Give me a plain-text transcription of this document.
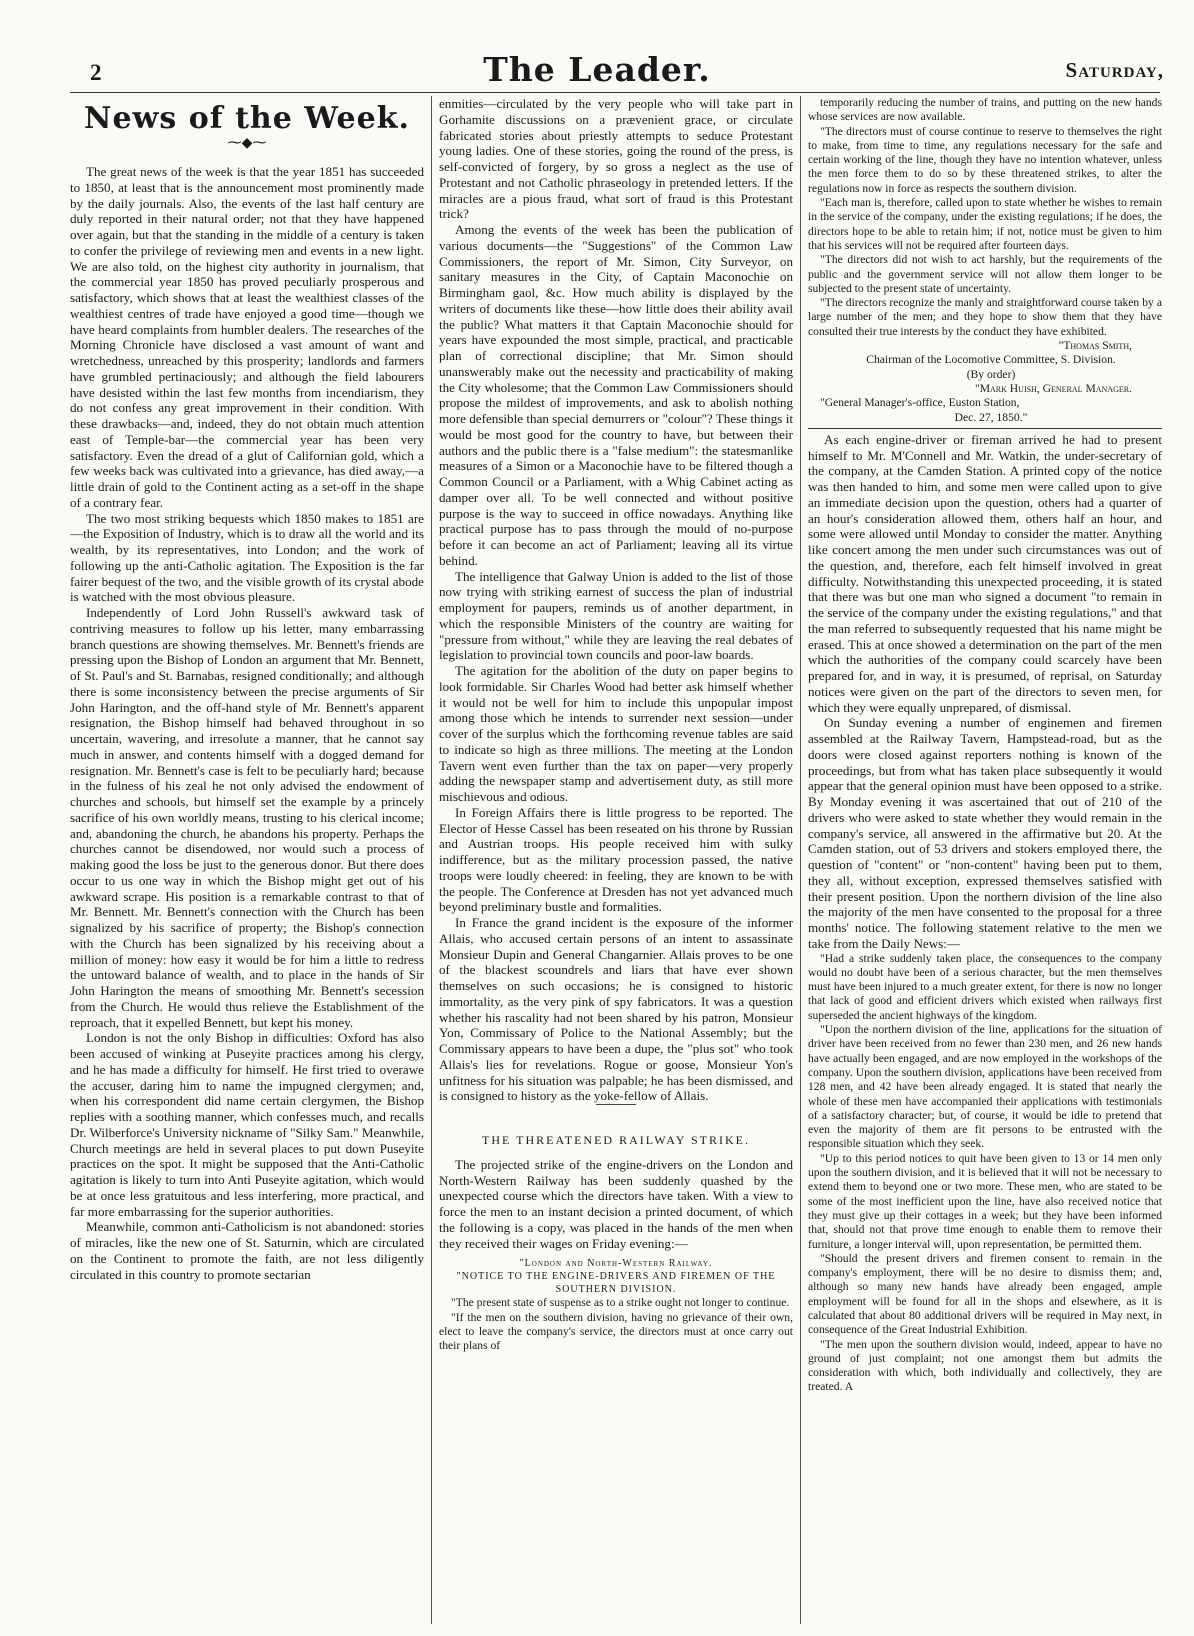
2	The Leader.	Saturday,
News of the Week.
⁓◆⁓

The great news of the week is that the year 1851 has succeeded to 1850, at least that is the announcement most prominently made by the daily journals. Also, the events of the last half century are duly reported in their natural order; not that they have happened over again, but that the standing in the middle of a century is taken to confer the privilege of reviewing men and events in a new light. We are also told, on the highest city authority in journalism, that the commercial year 1850 has proved peculiarly prosperous and satisfactory, which shows that at least the wealthiest classes of the wealthiest centres of trade have enjoyed a good time—though we have heard complaints from humbler dealers. The researches of the Morning Chronicle have disclosed a vast amount of want and wretchedness, unreached by this prosperity; landlords and farmers have grumbled pertinaciously; and although the field labourers have desisted within the last few months from incendiarism, they do not confess any great improvement in their condition. With these drawbacks—and, indeed, they do not obtain much attention east of Temple-bar—the commercial year has been very satisfactory. Even the dread of a glut of Californian gold, which a few weeks back was cultivated into a grievance, has died away,—a little drain of gold to the Continent acting as a set-off in the shape of a contrary fear.

The two most striking bequests which 1850 makes to 1851 are—the Exposition of Industry, which is to draw all the world and its wealth, by its representatives, into London; and the work of following up the anti-Catholic agitation. The Exposition is the far fairer bequest of the two, and the visible growth of its crystal abode is watched with the most obvious pleasure.

Independently of Lord John Russell's awkward task of contriving measures to follow up his letter, many embarrassing branch questions are showing themselves. Mr. Bennett's friends are pressing upon the Bishop of London an argument that Mr. Bennett, of St. Paul's and St. Barnabas, resigned conditionally; and although there is some inconsistency between the precise arguments of Sir John Harington, and the off-hand style of Mr. Bennett's apparent resignation, the Bishop himself had behaved throughout in so uncertain, wavering, and irresolute a manner, that he cannot say much in answer, and contents himself with a dogged demand for resignation. Mr. Bennett's case is felt to be peculiarly hard; because in the fulness of his zeal he not only advised the endowment of churches and schools, but himself set the example by a princely sacrifice of his own worldly means, trusting to his clerical income; and, abandoning the church, he abandons his property. Perhaps the churches cannot be disendowed, nor would such a process of making good the loss be just to the generous donor. But there does occur to us one way in which the Bishop might get out of his awkward scrape. His position is a remarkable contrast to that of Mr. Bennett. Mr. Bennett's connection with the Church has been signalized by his sacrifice of property; the Bishop's connection with the Church has been signalized by his receiving about a million of money: how easy it would be for him a little to redress the untoward balance of wealth, and to place in the hands of Sir John Harington the means of smoothing Mr. Bennett's secession from the Church. He would thus relieve the Establishment of the reproach, that it expelled Bennett, but kept his money.

London is not the only Bishop in difficulties: Oxford has also been accused of winking at Puseyite practices among his clergy, and he has made a difficulty for himself. He first tried to overawe the accuser, daring him to name the impugned clergymen; and, when his correspondent did name certain clergymen, the Bishop replies with a soothing manner, which confesses much, and recalls Dr. Wilberforce's University nickname of "Silky Sam." Meanwhile, Church meetings are held in several places to put down Puseyite practices on the spot. It might be supposed that the Anti-Catholic agitation is likely to turn into Anti Puseyite agitation, which would be at once less gratuitous and less interfering, more practical, and far more embarrassing for the superior authorities.

Meanwhile, common anti-Catholicism is not abandoned: stories of miracles, like the new one of St. Saturnin, which are circulated on the Continent to promote the faith, are not less diligently circulated in this country to promote sectarian

enmities—circulated by the very people who will take part in Gorhamite discussions on a prævenient grace, or circulate fabricated stories about priestly attempts to seduce Protestant young ladies. One of these stories, going the round of the press, is self-convicted of forgery, by so gross a neglect as the use of Protestant and not Catholic phraseology in pretended letters. If the miracles are a pious fraud, what sort of fraud is this Protestant trick?

Among the events of the week has been the publication of various documents—the "Suggestions" of the Common Law Commissioners, the report of Mr. Simon, City Surveyor, on sanitary measures in the City, of Captain Maconochie on Birmingham gaol, &c. How much ability is displayed by the writers of documents like these—how little does their ability avail the public? What matters it that Captain Maconochie should for years have expounded the most simple, practical, and practicable plan of correctional discipline; that Mr. Simon should unanswerably make out the necessity and practicability of making the City wholesome; that the Common Law Commissioners should propose the mildest of improvements, and ask to abolish nothing more defensible than special demurrers or "colour"? These things it would be most good for the country to have, but between their authors and the public there is a "false medium": the statesmanlike measures of a Simon or a Maconochie have to be filtered though a Common Council or a Parliament, with a Whig Cabinet acting as damper over all. To be well connected and without positive purpose is the way to succeed in office nowadays. Anything like practical purpose has to pass through the mould of no-purpose before it can become an act of Parliament; leaving all its virtue behind.

The intelligence that Galway Union is added to the list of those now trying with striking earnest of success the plan of industrial employment for paupers, reminds us of another department, in which the responsible Ministers of the country are waiting for "pressure from without," while they are leaving the real debates of legislation to provincial town councils and poor-law boards.

The agitation for the abolition of the duty on paper begins to look formidable. Sir Charles Wood had better ask himself whether it would not be well for him to include this unpopular impost among those which he intends to surrender next session—under cover of the surplus which the forthcoming revenue tables are said to indicate so high as three millions. The meeting at the London Tavern went even further than the tax on paper—very properly adding the newspaper stamp and advertisement duty, as still more mischievous and odious.

In Foreign Affairs there is little progress to be reported. The Elector of Hesse Cassel has been reseated on his throne by Russian and Austrian troops. His people received him with sulky indifference, but as the military procession passed, the native troops were loudly cheered: in feeling, they are known to be with the people. The Conference at Dresden has not yet advanced much beyond preliminary bustle and formalities.

In France the grand incident is the exposure of the informer Allais, who accused certain persons of an intent to assassinate Monsieur Dupin and General Changarnier. Allais proves to be one of the blackest scoundrels and liars that have ever shown themselves on such occasions; he is consigned to historic immortality, as the very pink of spy fabricators. It was a question whether his rascality had not been shared by his patron, Monsieur Yon, Commissary of Police to the National Assembly; but the Commissary appears to have been a dupe, the "plus sot" who took Allais's lies for revelations. Rogue or goose, Monsieur Yon's unfitness for his situation was palpable; he has been dismissed, and is consigned to history as the yoke-fellow of Allais.

THE THREATENED RAILWAY STRIKE.

The projected strike of the engine-drivers on the London and North-Western Railway has been suddenly quashed by the unexpected course which the directors have taken. With a view to force the men to an instant decision a printed document, of which the following is a copy, was placed in the hands of the men when they received their wages on Friday evening:—

"London and North-Western Railway.
"NOTICE TO THE ENGINE-DRIVERS AND FIREMEN OF THE SOUTHERN DIVISION.

"The present state of suspense as to a strike ought not longer to continue.

"If the men on the southern division, having no grievance of their own, elect to leave the company's service, the directors must at once carry out their plans of

temporarily reducing the number of trains, and putting on the new hands whose services are now available.

"The directors must of course continue to reserve to themselves the right to make, from time to time, any regulations necessary for the safe and certain working of the line, though they have no intention whatever, unless the men force them to do so by these threatened strikes, to alter the regulations now in force as respects the southern division.

"Each man is, therefore, called upon to state whether he wishes to remain in the service of the company, under the existing regulations; if he does, the directors hope to be able to retain him; if not, notice must be given to him that his services will not be required after fourteen days.

"The directors did not wish to act harshly, but the requirements of the public and the government service will not allow them longer to be subjected to the present state of uncertainty.

"The directors recognize the manly and straightforward course taken by a large number of the men; and they hope to show them that they have consulted their true interests by the conduct they have exhibited.

"Thomas Smith,

Chairman of the Locomotive Committee, S. Division.

(By order)

"Mark Huish, General Manager.

"General Manager's-office, Euston Station,

Dec. 27, 1850."

As each engine-driver or fireman arrived he had to present himself to Mr. M'Connell and Mr. Watkin, the under-secretary of the company, at the Camden Station. A printed copy of the notice was then handed to him, and some men were called upon to give an immediate decision upon the question, others had a quarter of an hour's consideration allowed them, others half an hour, and some were allowed until Monday to consider the matter. Anything like concert among the men under such circumstances was out of the question, and, therefore, each felt himself involved in great difficulty. Notwithstanding this unexpected proceeding, it is stated that there was but one man who signed a document "to remain in the service of the company under the existing regulations," and that the man referred to subsequently requested that his name might be erased. This at once showed a determination on the part of the men which the authorities of the company could scarcely have been prepared for, and in way, it is presumed, of reprisal, on Saturday notices were given on the part of the directors to seven men, for which they were equally unprepared, of dismissal.

On Sunday evening a number of enginemen and firemen assembled at the Railway Tavern, Hampstead-road, but as the doors were closed against reporters nothing is known of the proceedings, but from what has taken place subsequently it would appear that the general opinion must have been opposed to a strike. By Monday evening it was ascertained that out of 210 of the drivers who were asked to state whether they would remain in the company's service, all answered in the affirmative but 20. At the Camden station, out of 53 drivers and stokers employed there, the question of "content" or "non-content" having been put to them, they all, without exception, expressed themselves satisfied with their present position. Upon the northern division of the line also the majority of the men have consented to the proposal for a three months' notice. The following statement relative to the men we take from the Daily News:—

"Had a strike suddenly taken place, the consequences to the company would no doubt have been of a serious character, but the men themselves must have been injured to a much greater extent, for there is now no longer that lack of good and efficient drivers which existed when railways first superseded the ancient highways of the kingdom.

"Upon the northern division of the line, applications for the situation of driver have been received from no fewer than 230 men, and 26 new hands have actually been engaged, and are now employed in the workshops of the company. Upon the southern division, applications have been received from 128 men, and 42 have been already engaged. It is stated that nearly the whole of these men have accompanied their applications with testimonials of a satisfactory character; but, of course, it would be idle to pretend that even the majority of them are fit persons to be entrusted with the responsible situation which they seek.

"Up to this period notices to quit have been given to 13 or 14 men only upon the southern division, and it is believed that it will not be necessary to extend them to beyond one or two more. These men, who are stated to be some of the most inefficient upon the line, have also received notice that they must give up their cottages in a week; but they have been informed that, should not that prove time enough to enable them to remove their furniture, a longer interval will, upon representation, be permitted them.

"Should the present drivers and firemen consent to remain in the company's employment, there will be no desire to dismiss them; and, although so many new hands have already been engaged, ample employment will be found for all in the shops and elsewhere, as it is calculated that about 80 additional drivers will be required in May next, in consequence of the Great Industrial Exhibition.

"The men upon the southern division would, indeed, appear to have no ground of just complaint; not one amongst them but admits the consideration with which, both individually and collectively, they are treated. A
